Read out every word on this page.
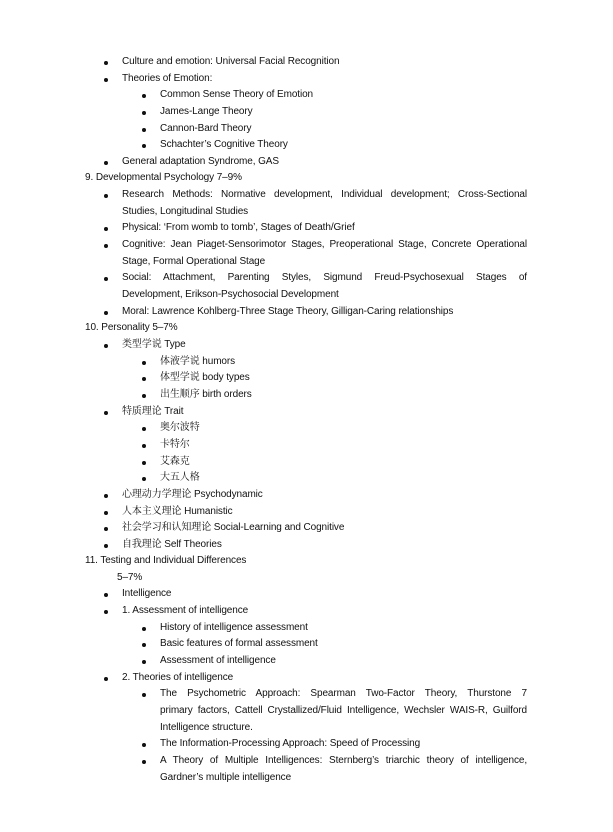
Culture and emotion: Universal Facial Recognition
Theories of Emotion:
Common Sense Theory of Emotion
James-Lange Theory
Cannon-Bard Theory
Schachter’s Cognitive Theory
General adaptation Syndrome, GAS
9. Developmental Psychology 7–9%
Research Methods: Normative development, Individual development; Cross-Sectional
Studies, Longitudinal Studies
Physical: ‘From womb to tomb’, Stages of Death/Grief
Cognitive: Jean Piaget-Sensorimotor Stages, Preoperational Stage, Concrete Operational
Stage, Formal Operational Stage
Social: Attachment, Parenting Styles, Sigmund Freud-Psychosexual Stages of
Development, Erikson-Psychosocial Development
Moral: Lawrence Kohlberg-Three Stage Theory, Gilligan-Caring relationships
10. Personality 5–7%
类型学说 Type
体液学说 humors
体型学说 body types
出生顺序 birth orders
特质理论 Trait
奥尔波特
卡特尔
艾森克
大五人格
心理动力学理论 Psychodynamic
人本主义理论 Humanistic
社会学习和认知理论 Social-Learning and Cognitive
自我理论 Self Theories
11. Testing and Individual Differences
5–7%
Intelligence
1. Assessment of intelligence
History of intelligence assessment
Basic features of formal assessment
Assessment of intelligence
2. Theories of intelligence
The Psychometric Approach: Spearman Two-Factor Theory, Thurstone 7
primary factors, Cattell Crystallized/Fluid Intelligence, Wechsler WAIS-R, Guilford
Intelligence structure.
The Information-Processing Approach: Speed of Processing
A Theory of Multiple Intelligences: Sternberg’s triarchic theory of intelligence,
Gardner’s multiple intelligence
